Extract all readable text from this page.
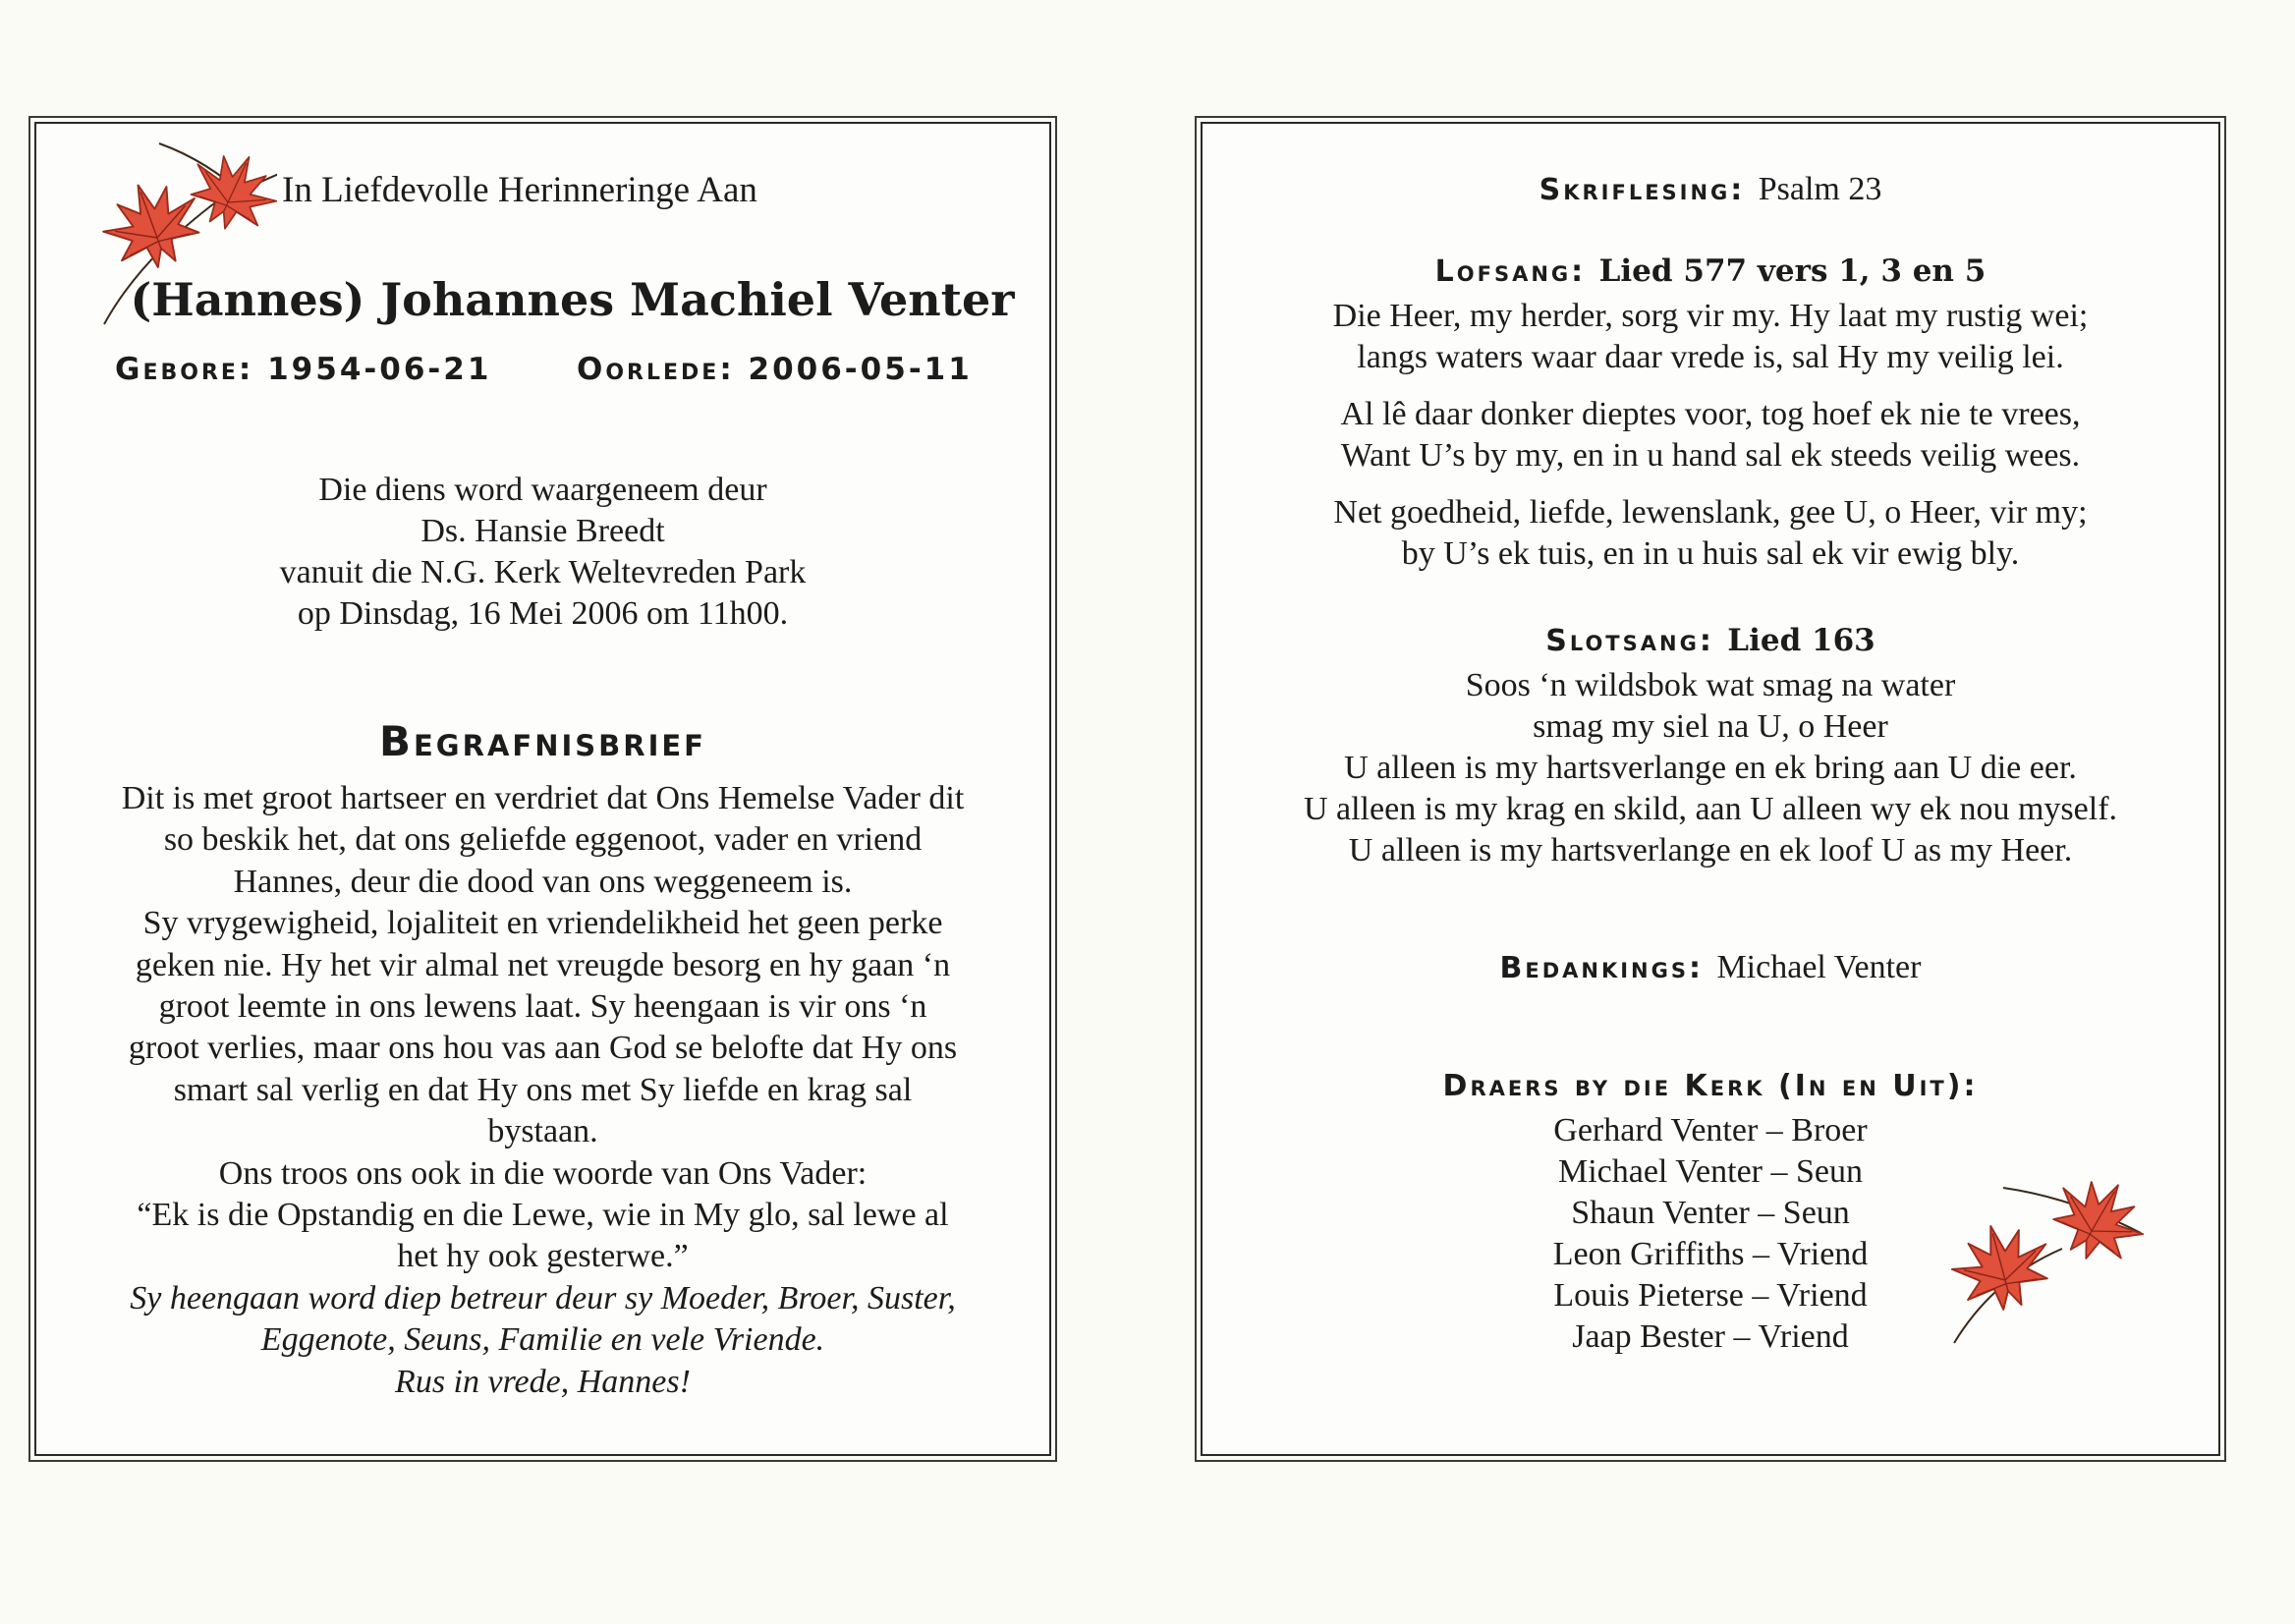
In Liefdevolle Herinneringe Aan
(Hannes) Johannes Machiel Venter
Gebore: 1954-06-21	Oorlede: 2006-05-11
Die diens word waargeneem deur
Ds. Hansie Breedt
vanuit die N.G. Kerk Weltevreden Park
op Dinsdag, 16 Mei 2006 om 11h00.
Begrafnisbrief
Dit is met groot hartseer en verdriet dat Ons Hemelse Vader dit
so beskik het, dat ons geliefde eggenoot, vader en vriend
Hannes, deur die dood van ons weggeneem is.
Sy vrygewigheid, lojaliteit en vriendelikheid het geen perke
geken nie. Hy het vir almal net vreugde besorg en hy gaan ‘n
groot leemte in ons lewens laat. Sy heengaan is vir ons ‘n
groot verlies, maar ons hou vas aan God se belofte dat Hy ons
smart sal verlig en dat Hy ons met Sy liefde en krag sal
bystaan.
Ons troos ons ook in die woorde van Ons Vader:
“Ek is die Opstandig en die Lewe, wie in My glo, sal lewe al
het hy ook gesterwe.”
Sy heengaan word diep betreur deur sy Moeder, Broer, Suster,
Eggenote, Seuns, Familie en vele Vriende.
Rus in vrede, Hannes!
Skriflesing: Psalm 23
Lofsang: Lied 577 vers 1, 3 en 5

Die Heer, my herder, sorg vir my. Hy laat my rustig wei;

langs waters waar daar vrede is, sal Hy my veilig lei.

Al lê daar donker dieptes voor, tog hoef ek nie te vrees,

Want U’s by my, en in u hand sal ek steeds veilig wees.

Net goedheid, liefde, lewenslank, gee U, o Heer, vir my;

by U’s ek tuis, en in u huis sal ek vir ewig bly.

Slotsang: Lied 163

Soos ‘n wildsbok wat smag na water

smag my siel na U, o Heer

U alleen is my hartsverlange en ek bring aan U die eer.

U alleen is my krag en skild, aan U alleen wy ek nou myself.

U alleen is my hartsverlange en ek loof U as my Heer.

Bedankings: Michael Venter
Draers by die Kerk (In en Uit):

Gerhard Venter – Broer

Michael Venter – Seun

Shaun Venter – Seun

Leon Griffiths – Vriend

Louis Pieterse – Vriend

Jaap Bester – Vriend
